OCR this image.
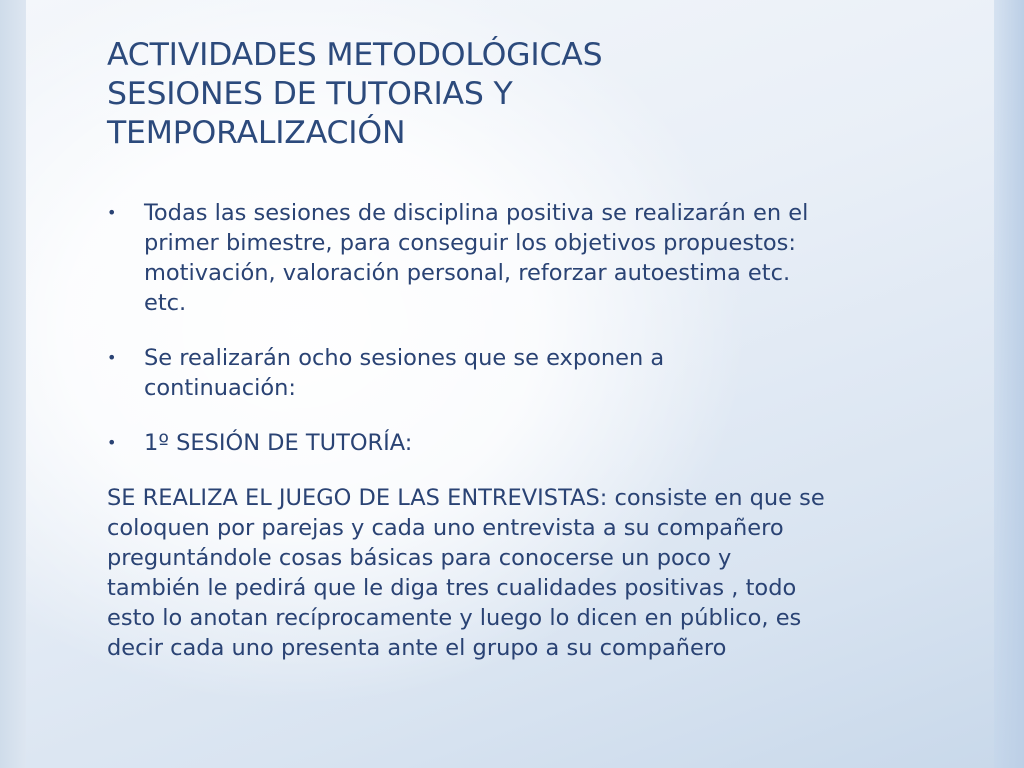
ACTIVIDADES METODOLÓGICAS
SESIONES DE TUTORIAS Y
TEMPORALIZACIÓN
• Todas las sesiones de disciplina positiva se realizarán en el
primer bimestre, para conseguir los objetivos propuestos:
motivación, valoración personal, reforzar autoestima etc.
etc.
• Se realizarán ocho sesiones que se exponen a
continuación:
• 1º SESIÓN DE TUTORÍA:
SE REALIZA EL JUEGO DE LAS ENTREVISTAS: consiste en que se
coloquen por parejas y cada uno entrevista a su compañero
preguntándole cosas básicas para conocerse un poco y
también le pedirá que le diga tres cualidades positivas , todo
esto lo anotan recíprocamente y luego lo dicen en público, es
decir cada uno presenta ante el grupo a su compañero
